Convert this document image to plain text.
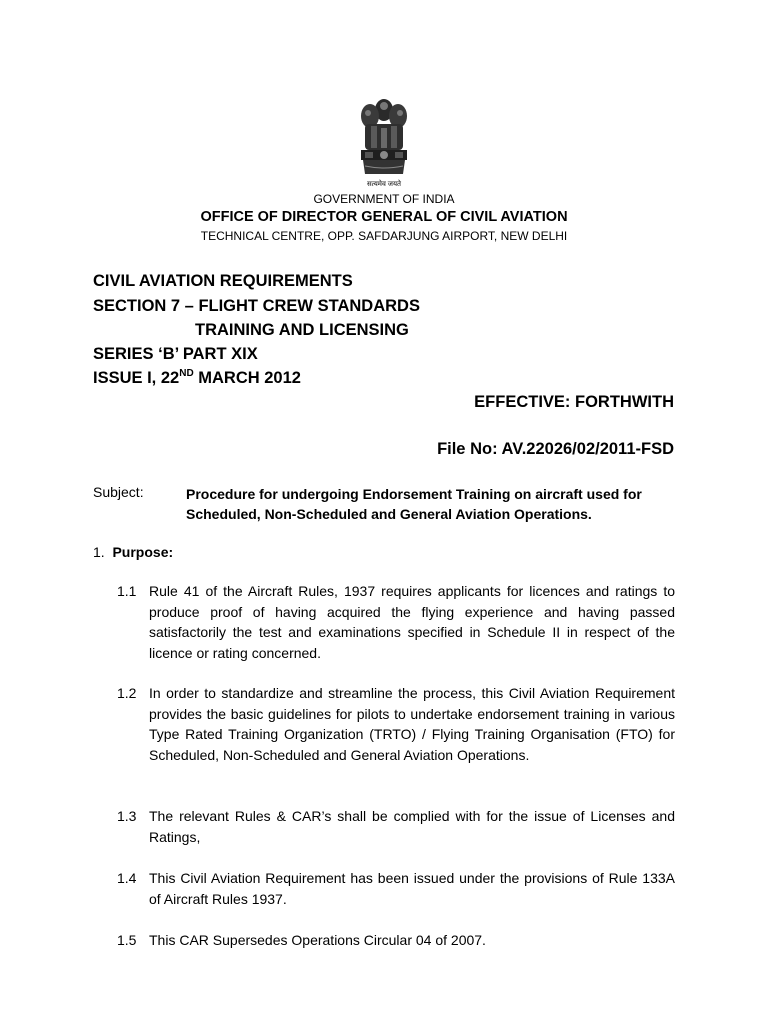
सत्यमेव जयते
GOVERNMENT OF INDIA
OFFICE OF DIRECTOR GENERAL OF CIVIL AVIATION
TECHNICAL CENTRE, OPP. SAFDARJUNG AIRPORT, NEW DELHI
CIVIL AVIATION REQUIREMENTS
SECTION 7 – FLIGHT CREW STANDARDS
TRAINING AND LICENSING
SERIES ‘B’ PART XIX
ISSUE I, 22ND MARCH 2012
EFFECTIVE: FORTHWITH
File No: AV.22026/02/2011-FSD
Subject:	Procedure for undergoing Endorsement Training on aircraft used for Scheduled, Non-Scheduled and General Aviation Operations.
1. Purpose:
1.1 Rule 41 of the Aircraft Rules, 1937 requires applicants for licences and ratings to produce proof of having acquired the flying experience and having passed satisfactorily the test and examinations specified in Schedule II in respect of the licence or rating concerned.
1.2 In order to standardize and streamline the process, this Civil Aviation Requirement provides the basic guidelines for pilots to undertake endorsement training in various Type Rated Training Organization (TRTO) / Flying Training Organisation (FTO) for Scheduled, Non-Scheduled and General Aviation Operations.
1.3 The relevant Rules & CAR’s shall be complied with for the issue of Licenses and Ratings,
1.4 This Civil Aviation Requirement has been issued under the provisions of Rule 133A of Aircraft Rules 1937.
1.5 This CAR Supersedes Operations Circular 04 of 2007.
